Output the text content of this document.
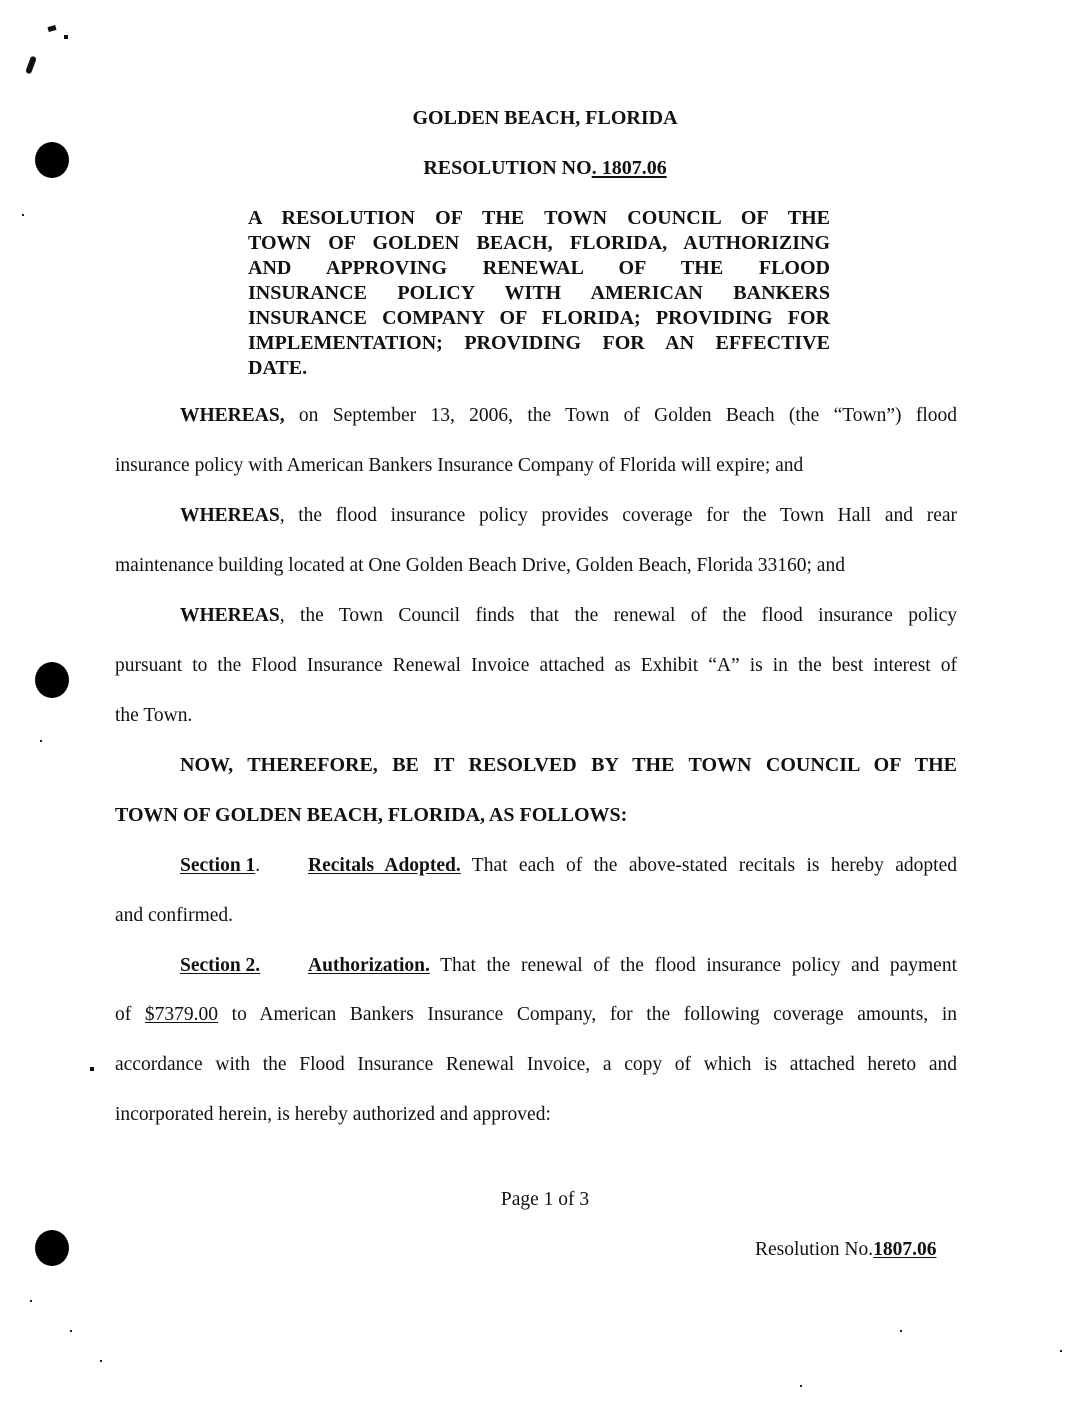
GOLDEN BEACH, FLORIDA
RESOLUTION NO. 1807.06
A RESOLUTION OF THE TOWN COUNCIL OF THE
TOWN OF GOLDEN BEACH, FLORIDA, AUTHORIZING
AND APPROVING RENEWAL OF THE FLOOD
INSURANCE POLICY WITH AMERICAN BANKERS
INSURANCE COMPANY OF FLORIDA; PROVIDING FOR
IMPLEMENTATION; PROVIDING FOR AN EFFECTIVE
DATE.
WHEREAS, on September 13, 2006, the Town of Golden Beach (the “Town”) flood
insurance policy with American Bankers Insurance Company of Florida will expire; and
WHEREAS, the flood insurance policy provides coverage for the Town Hall and rear
maintenance building located at One Golden Beach Drive, Golden Beach, Florida 33160; and
WHEREAS, the Town Council finds that the renewal of the flood insurance policy
pursuant to the Flood Insurance Renewal Invoice attached as Exhibit “A” is in the best interest of
the Town.
NOW, THEREFORE, BE IT RESOLVED BY THE TOWN COUNCIL OF THE
TOWN OF GOLDEN BEACH, FLORIDA, AS FOLLOWS:
Section 1. Recitals Adopted. That each of the above-stated recitals is hereby adopted
and confirmed.
Section 2. Authorization. That the renewal of the flood insurance policy and payment
of $7379.00 to American Bankers Insurance Company, for the following coverage amounts, in
accordance with the Flood Insurance Renewal Invoice, a copy of which is attached hereto and
incorporated herein, is hereby authorized and approved:
Page 1 of 3
Resolution No.1807.06
